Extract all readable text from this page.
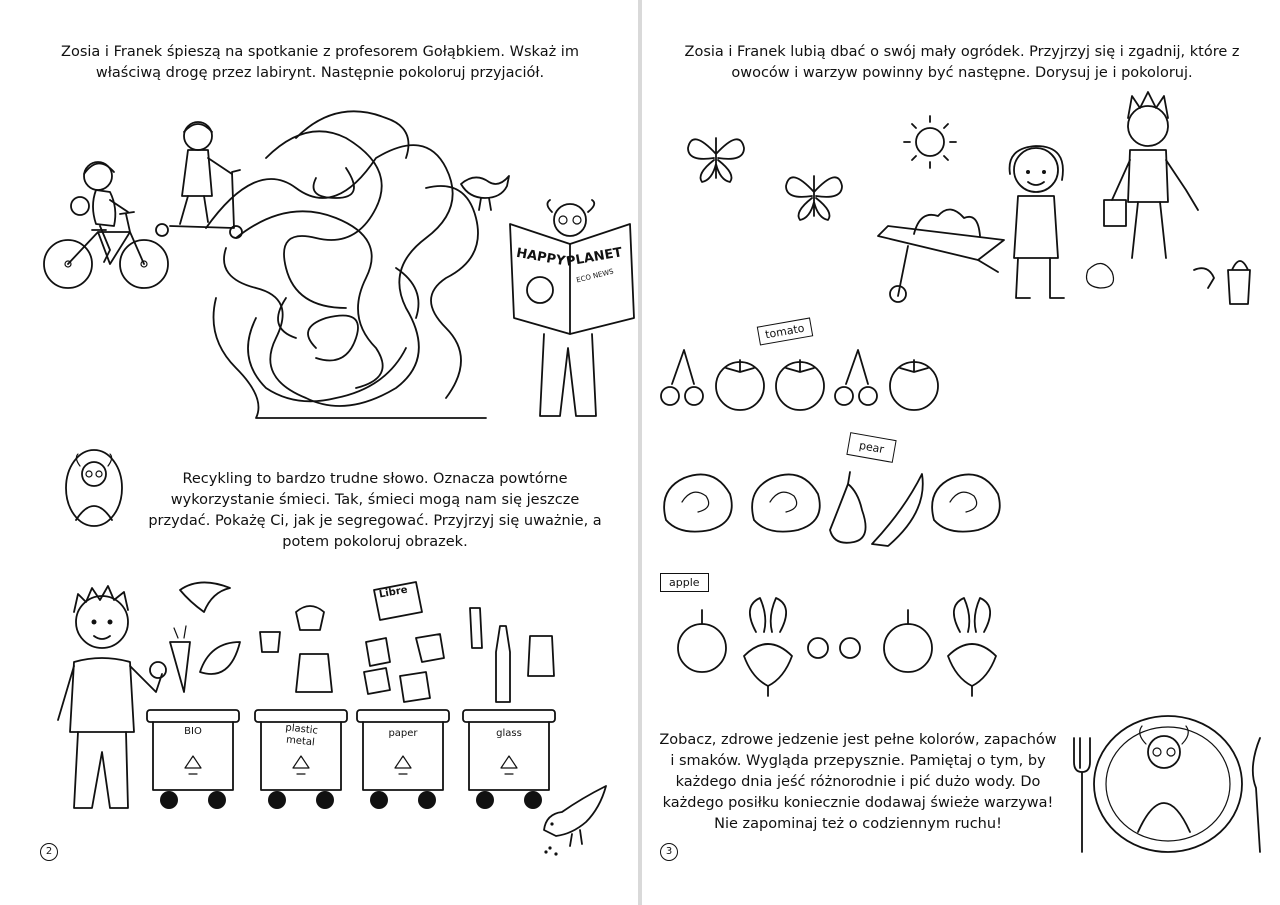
Zosia i Franek śpieszą na spotkanie z profesorem Gołąbkiem. Wskaż im właściwą drogę przez labirynt. Następnie pokoloruj przyjaciół.
HAPPY
PLANET
ECO NEWS
Recykling to bardzo trudne słowo. Oznacza powtórne wykorzystanie śmieci. Tak, śmieci mogą nam się jeszcze przydać. Pokażę Ci, jak je segregować. Przyjrzyj się uważnie, a potem pokoloruj obrazek.
Libre
BIO	plastic metal
paper	glass
2
Zosia i Franek lubią dbać o swój mały ogródek. Przyjrzyj się i zgadnij, które z owoców i warzyw powinny być następne. Dorysuj je i pokoloruj.
tomato
pear
apple
Zobacz, zdrowe jedzenie jest pełne kolorów, zapachów i smaków. Wygląda przepysznie. Pamiętaj o tym, by każdego dnia jeść różnorodnie i pić dużo wody. Do każdego posiłku koniecznie dodawaj świeże warzywa! Nie zapominaj też o codziennym ruchu!
3
